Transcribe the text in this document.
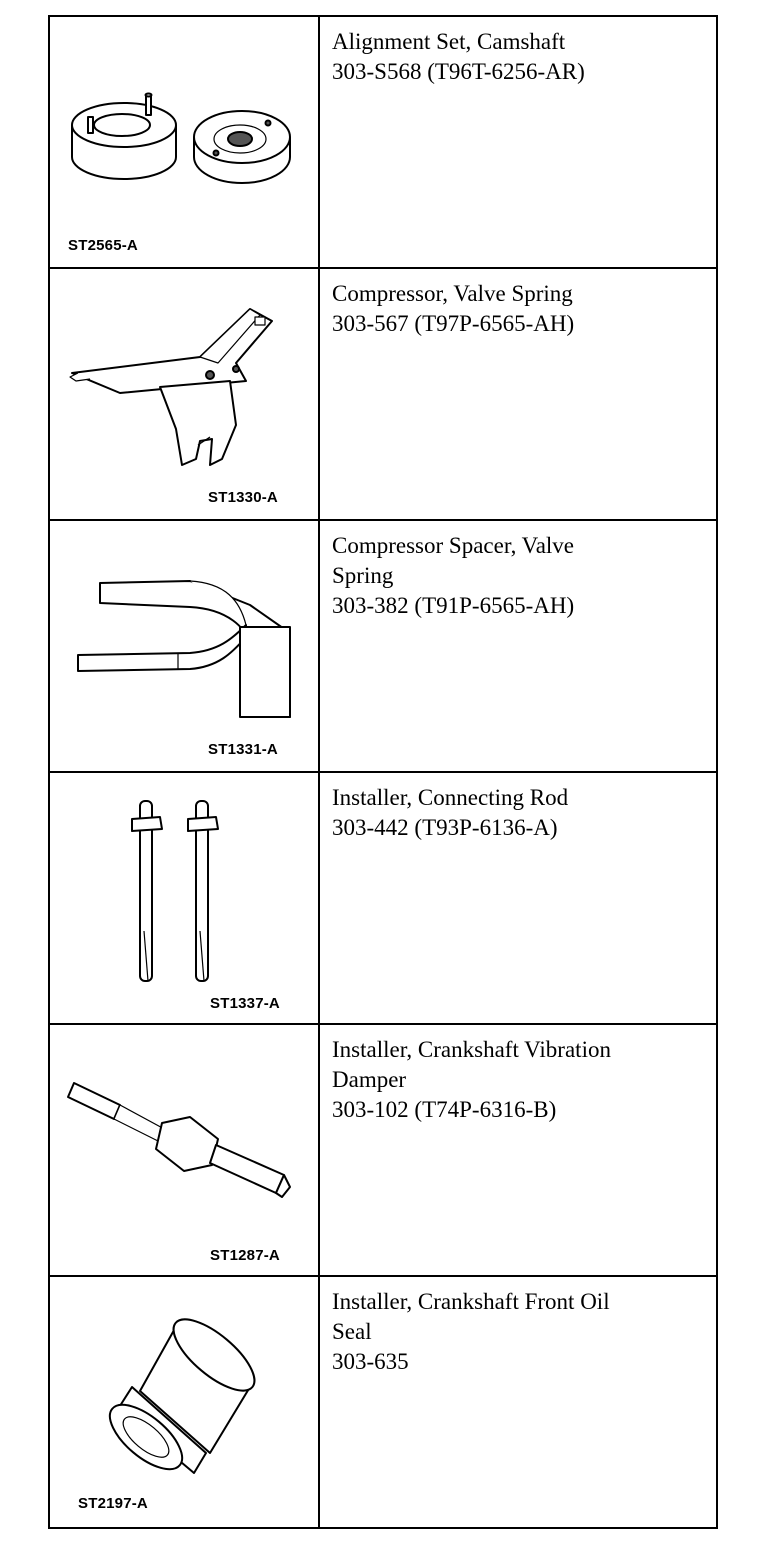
ST2565-A	Alignment Set, Camshaft
303-S568 (T96T-6256-AR)

ST1330-A	Compressor, Valve Spring
303-567 (T97P-6565-AH)

ST1331-A	Compressor Spacer, Valve
Spring
303-382 (T91P-6565-AH)

ST1337-A	Installer, Connecting Rod
303-442 (T93P-6136-A)

ST1287-A	Installer, Crankshaft Vibration
Damper
303-102 (T74P-6316-B)

ST2197-A	Installer, Crankshaft Front Oil
Seal
303-635
